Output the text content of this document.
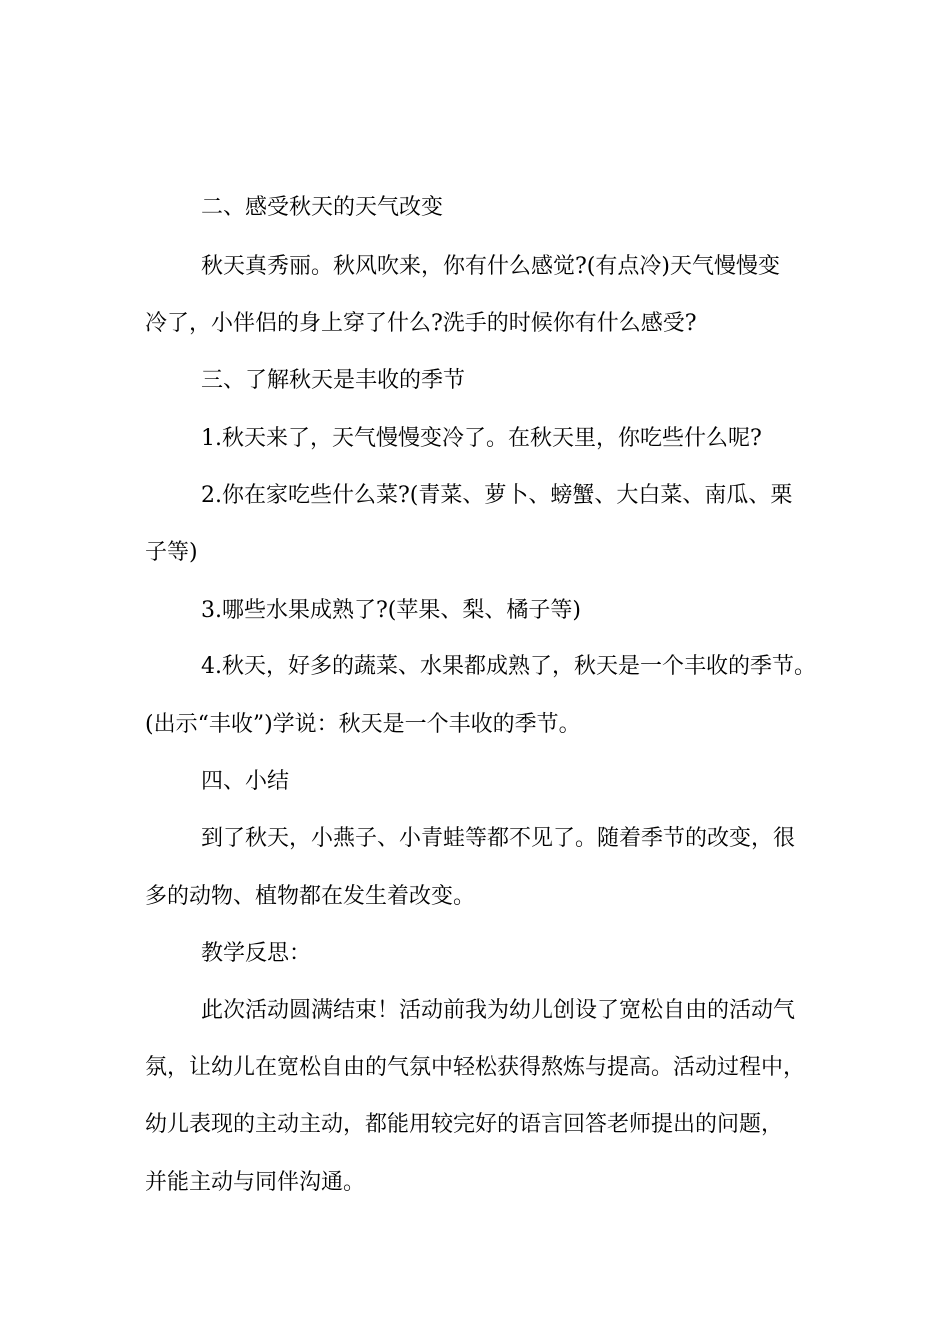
二、感受秋天的天气改变
秋天真秀丽。秋风吹来，你有什么感觉?(有点冷)天气慢慢变
冷了，小伴侣的身上穿了什么?洗手的时候你有什么感受?
三、了解秋天是丰收的季节
1.秋天来了，天气慢慢变冷了。在秋天里，你吃些什么呢?
2.你在家吃些什么菜?(青菜、萝卜、螃蟹、大白菜、南瓜、栗
子等)
3.哪些水果成熟了?(苹果、梨、橘子等)
4.秋天，好多的蔬菜、水果都成熟了，秋天是一个丰收的季节。
(出示“丰收”)学说：秋天是一个丰收的季节。
四、小结
到了秋天，小燕子、小青蛙等都不见了。随着季节的改变，很
多的动物、植物都在发生着改变。
教学反思：
此次活动圆满结束！活动前我为幼儿创设了宽松自由的活动气
氛，让幼儿在宽松自由的气氛中轻松获得熬炼与提高。活动过程中，
幼儿表现的主动主动，都能用较完好的语言回答老师提出的问题，
并能主动与同伴沟通。
